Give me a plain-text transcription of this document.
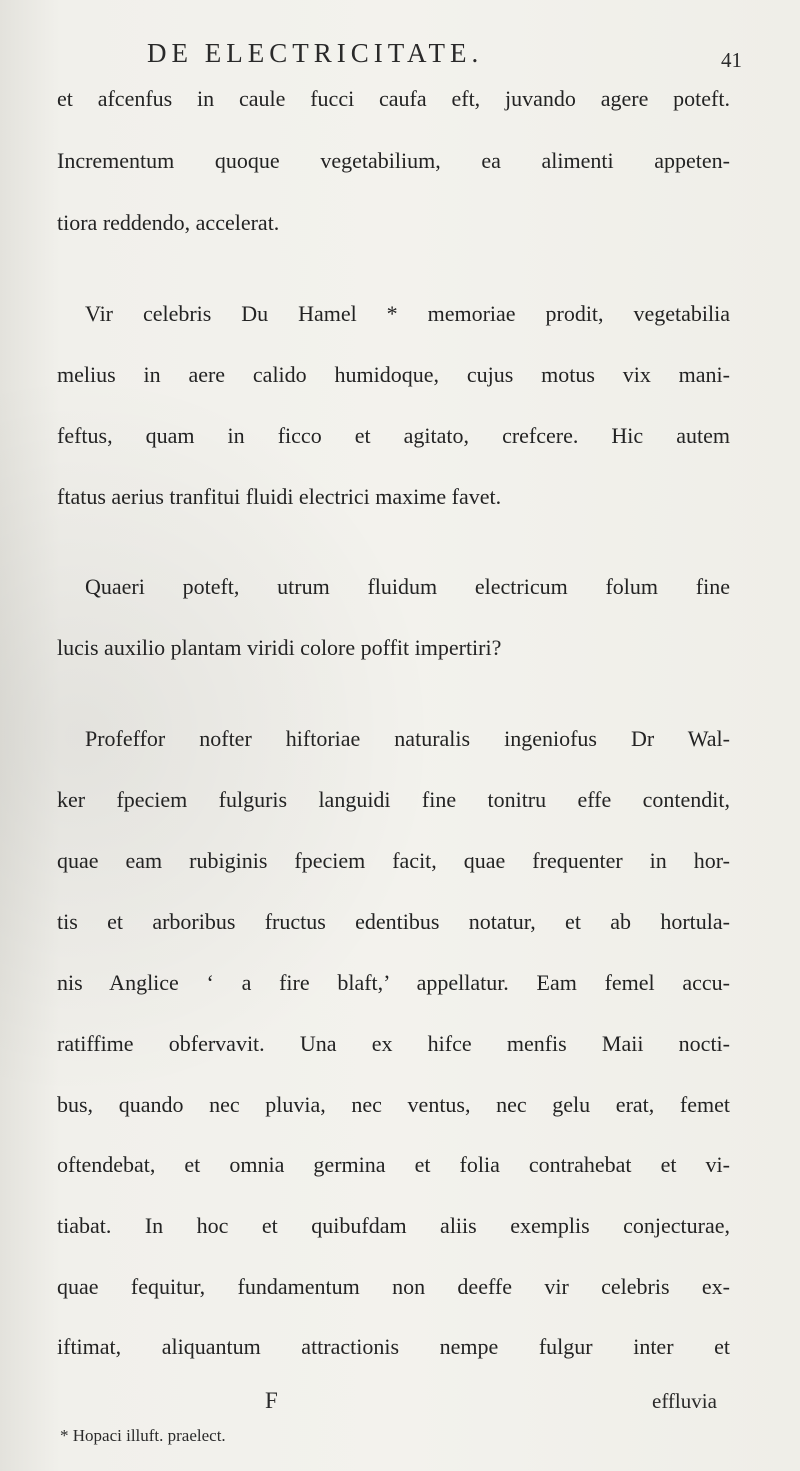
DE ELECTRICITATE.	41
et afcenfus in caule fucci caufa eft, juvando agere poteft.
Incrementum quoque vegetabilium, ea alimenti appeten-
tiora reddendo, accelerat.
Vir celebris Du Hamel * memoriae prodit, vegetabilia
melius in aere calido humidoque, cujus motus vix mani-
feftus, quam in ficco et agitato, crefcere. Hic autem
ftatus aerius tranfitui fluidi electrici maxime favet.
Quaeri poteft, utrum fluidum electricum folum fine
lucis auxilio plantam viridi colore poffit impertiri?
Profeffor nofter hiftoriae naturalis ingeniofus Dr Wal-
ker fpeciem fulguris languidi fine tonitru effe contendit,
quae eam rubiginis fpeciem facit, quae frequenter in hor-
tis et arboribus fructus edentibus notatur, et ab hortula-
nis Anglice ‘ a fire blaft,’ appellatur. Eam femel accu-
ratiffime obfervavit. Una ex hifce menfis Maii nocti-
bus, quando nec pluvia, nec ventus, nec gelu erat, femet
oftendebat, et omnia germina et folia contrahebat et vi-
tiabat. In hoc et quibufdam aliis exemplis conjecturae,
quae fequitur, fundamentum non deeffe vir celebris ex-
iftimat, aliquantum attractionis nempe fulgur inter et
F	effluvia
* Hopaci illuft. praelect.
